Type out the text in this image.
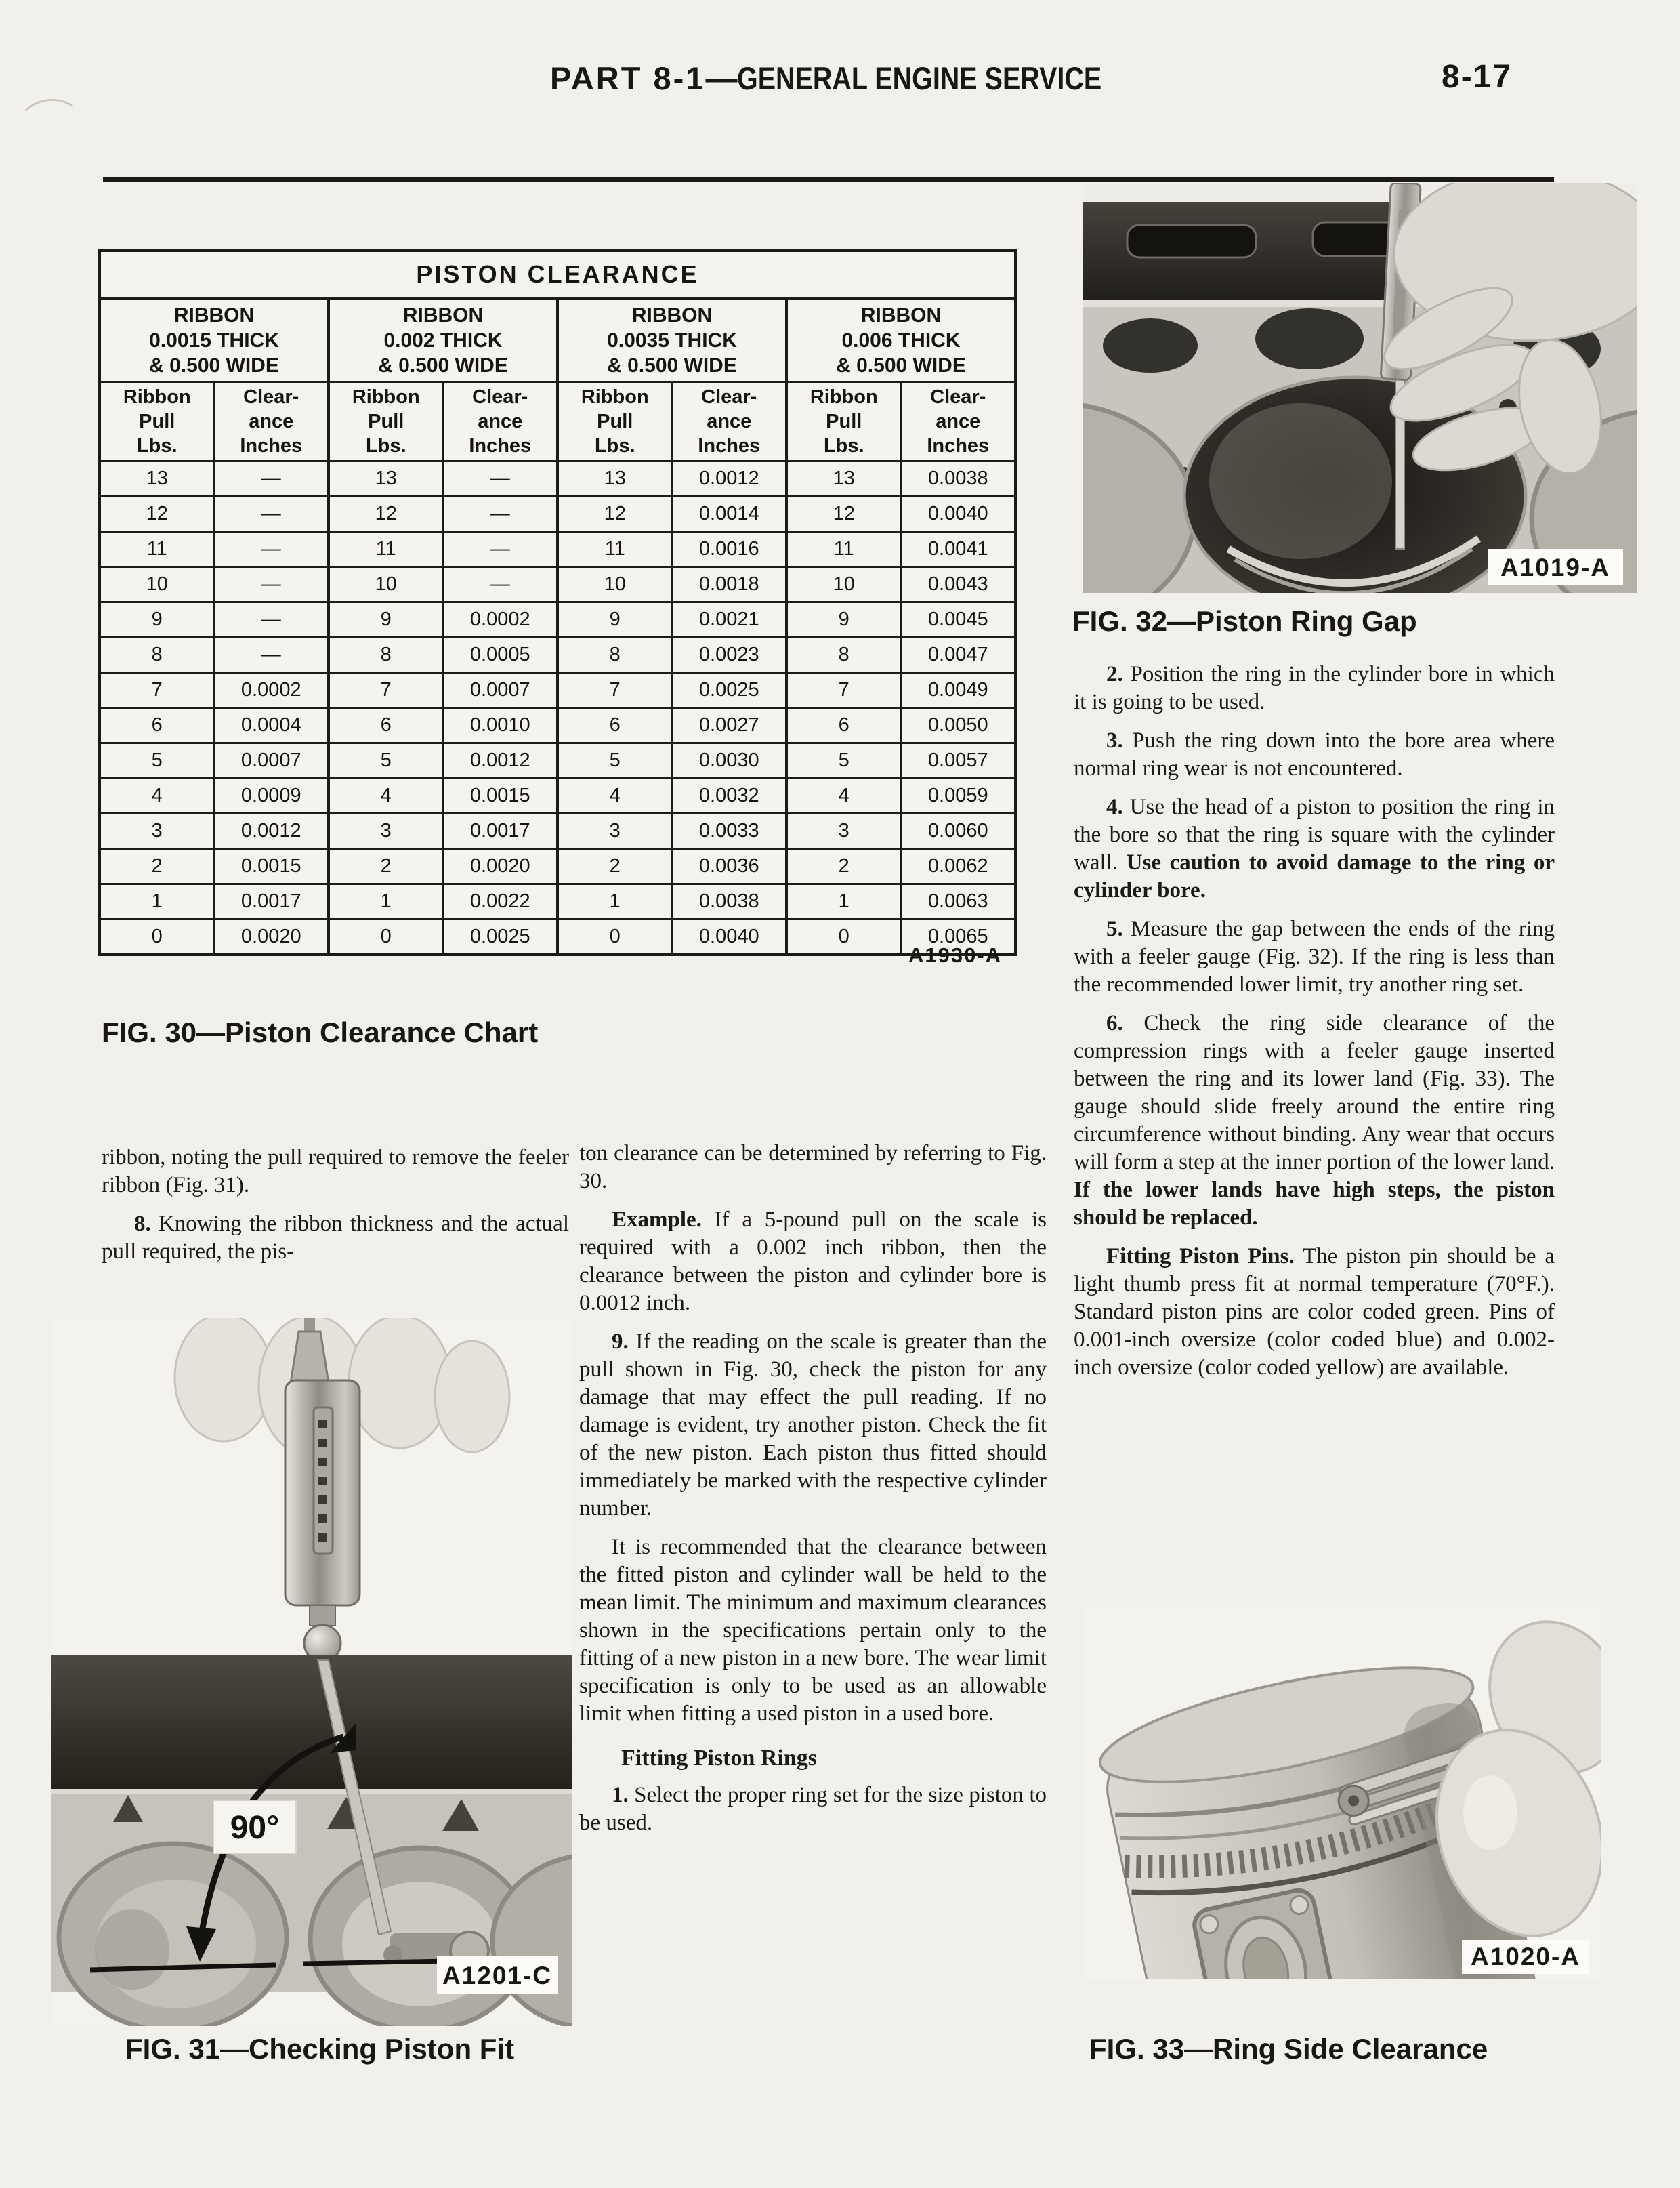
PART 8-1—GENERAL ENGINE SERVICE	8-17
PISTON CLEARANCE							

RIBBON
0.0015 THICK
& 0.500 WIDE

RIBBON
0.002 THICK
& 0.500 WIDE

RIBBON
0.0035 THICK
& 0.500 WIDE

RIBBON
0.006 THICK
& 0.500 WIDE

Ribbon
Pull
Lbs.

Clear-
ance
Inches

Ribbon
Pull
Lbs.

Clear-
ance
Inches

Ribbon
Pull
Lbs.

Clear-
ance
Inches

Ribbon
Pull
Lbs.

Clear-
ance
Inches

13	—	13	—	13	0.0012	13	0.0038
12	—	12	—	12	0.0014	12	0.0040
11	—	11	—	11	0.0016	11	0.0041
10	—	10	—	10	0.0018	10	0.0043
9	—	9	0.0002	9	0.0021	9	0.0045
8	—	8	0.0005	8	0.0023	8	0.0047
7	0.0002	7	0.0007	7	0.0025	7	0.0049
6	0.0004	6	0.0010	6	0.0027	6	0.0050
5	0.0007	5	0.0012	5	0.0030	5	0.0057
4	0.0009	4	0.0015	4	0.0032	4	0.0059
3	0.0012	3	0.0017	3	0.0033	3	0.0060
2	0.0015	2	0.0020	2	0.0036	2	0.0062
1	0.0017	1	0.0022	1	0.0038	1	0.0063
0	0.0020	0	0.0025	0	0.0040	0	0.0065
A1930-A
FIG. 30—Piston Clearance Chart

ribbon, noting the pull required to remove the feeler ribbon (Fig. 31).

8. Knowing the ribbon thickness and the actual pull required, the pis-

90°
A1201-C
FIG. 31—Checking Piston Fit

ton clearance can be determined by referring to Fig. 30.

Example. If a 5-pound pull on the scale is required with a 0.002 inch ribbon, then the clearance between the piston and cylinder bore is 0.0012 inch.

9. If the reading on the scale is greater than the pull shown in Fig. 30, check the piston for any damage that may effect the pull reading. If no damage is evident, try another piston. Check the fit of the new piston. Each piston thus fitted should immediately be marked with the respective cylinder number.

It is recommended that the clearance between the fitted piston and cylinder wall be held to the mean limit. The minimum and maximum clearances shown in the specifications pertain only to the fitting of a new piston in a new bore. The wear limit specification is only to be used as an allowable limit when fitting a used piston in a used bore.

Fitting Piston Rings

1. Select the proper ring set for the size piston to be used.

A1019-A
FIG. 32—Piston Ring Gap

2. Position the ring in the cylinder bore in which it is going to be used.

3. Push the ring down into the bore area where normal ring wear is not encountered.

4. Use the head of a piston to position the ring in the bore so that the ring is square with the cylinder wall. Use caution to avoid damage to the ring or cylinder bore.

5. Measure the gap between the ends of the ring with a feeler gauge (Fig. 32). If the ring is less than the recommended lower limit, try another ring set.

6. Check the ring side clearance of the compression rings with a feeler gauge inserted between the ring and its lower land (Fig. 33). The gauge should slide freely around the entire ring circumference without binding. Any wear that occurs will form a step at the inner portion of the lower land. If the lower lands have high steps, the piston should be replaced.

Fitting Piston Pins. The piston pin should be a light thumb press fit at normal temperature (70°F.). Standard piston pins are color coded green. Pins of 0.001-inch oversize (color coded blue) and 0.002-inch oversize (color coded yellow) are available.

A1020-A
FIG. 33—Ring Side Clearance
